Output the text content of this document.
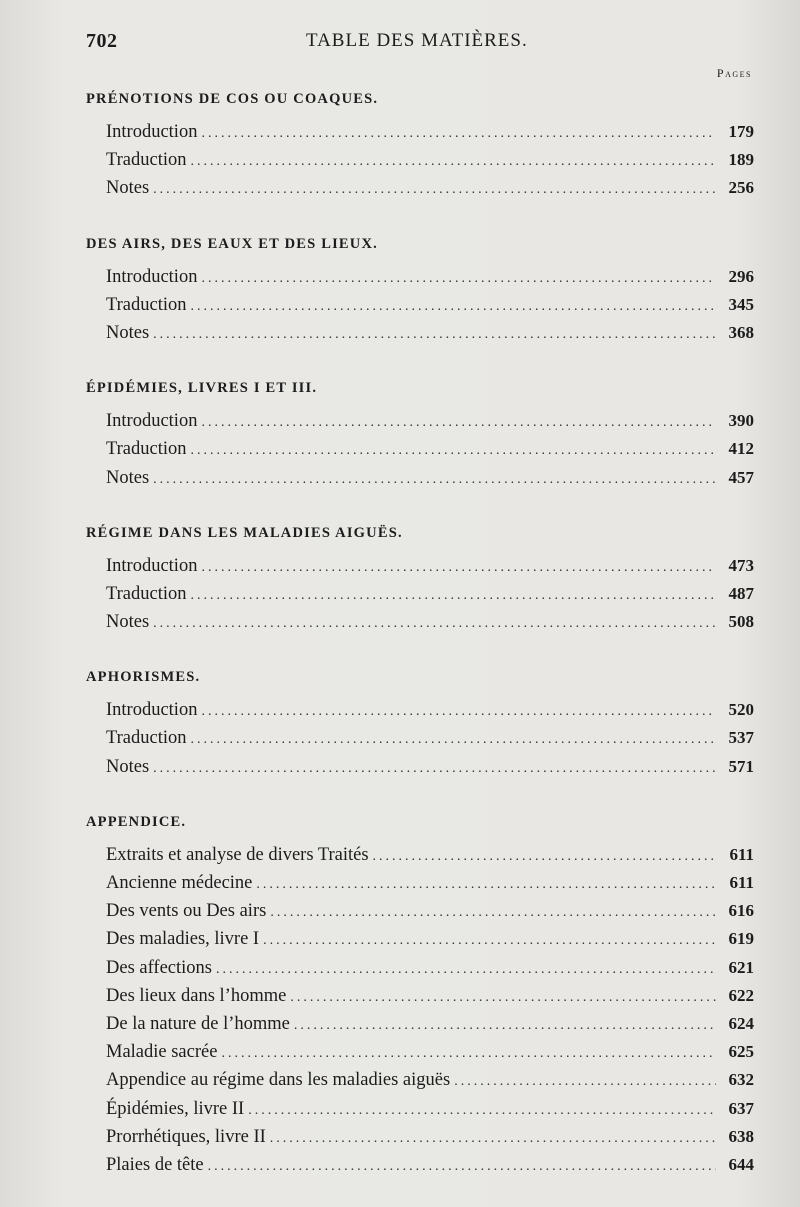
702	TABLE DES MATIÈRES.
Pages
PRÉNOTIONS DE COS OU COAQUES.
Introduction .....	179
Traduction .....	189
Notes .....	256
DES AIRS, DES EAUX ET DES LIEUX.
Introduction .....	296
Traduction .....	345
Notes .....	368
ÉPIDÉMIES, LIVRES I ET III.
Introduction .....	390
Traduction .....	412
Notes .....	457
RÉGIME DANS LES MALADIES AIGUËS.
Introduction .....	473
Traduction .....	487
Notes .....	508
APHORISMES.
Introduction .....	520
Traduction .....	537
Notes .....	571
APPENDICE.
Extraits et analyse de divers Traités .....	611
Ancienne médecine .....	611
Des vents ou Des airs .....	616
Des maladies, livre I .....	619
Des affections .....	621
Des lieux dans l’homme .....	622
De la nature de l’homme .....	624
Maladie sacrée .....	625
Appendice au régime dans les maladies aiguës .....	632
Épidémies, livre II .....	637
Prorrhétiques, livre II .....	638
Plaies de tête .....	644
